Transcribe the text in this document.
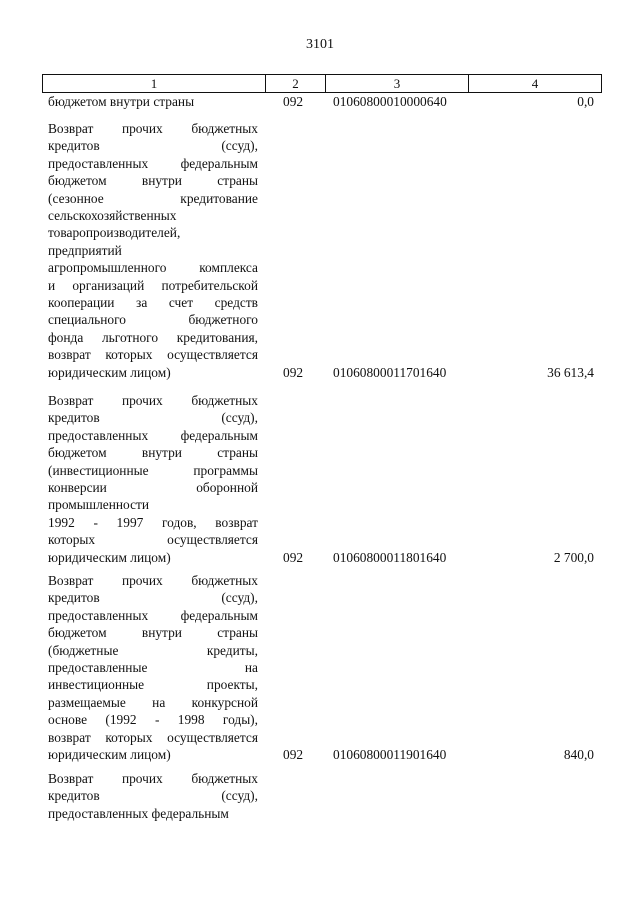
3101
1	2	3	4
бюджетом внутри страны	092 01060800010000640	0,0
Возврат прочих бюджетных
кредитов (ссуд),
предоставленных федеральным
бюджетом внутри страны
(сезонное кредитование
сельскохозяйственных
товаропроизводителей,
предприятий
агропромышленного комплекса
и организаций потребительской
кооперации за счет средств
специального бюджетного
фонда льготного кредитования,
возврат которых осуществляется
юридическим лицом)	092 01060800011701640	36 613,4
Возврат прочих бюджетных
кредитов (ссуд),
предоставленных федеральным
бюджетом внутри страны
(инвестиционные программы
конверсии оборонной
промышленности
1992 - 1997 годов, возврат
которых осуществляется
юридическим лицом)	092 01060800011801640	2 700,0
Возврат прочих бюджетных
кредитов (ссуд),
предоставленных федеральным
бюджетом внутри страны
(бюджетные кредиты,
предоставленные на
инвестиционные проекты,
размещаемые на конкурсной
основе (1992 - 1998 годы),
возврат которых осуществляется
юридическим лицом)	092 01060800011901640	840,0
Возврат прочих бюджетных
кредитов (ссуд),
предоставленных федеральным
